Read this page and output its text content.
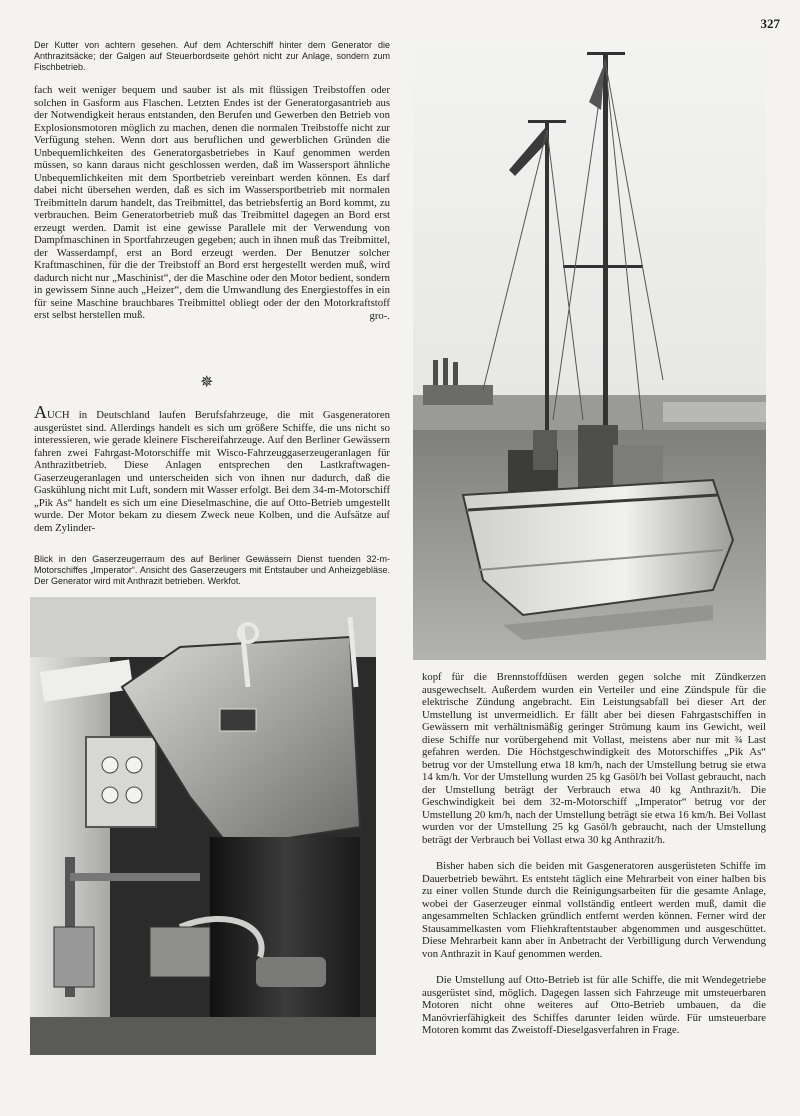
327
Der Kutter von achtern gesehen. Auf dem Achterschiff hinter dem Generator die Anthrazitsäcke; der Galgen auf Steuerbordseite gehört nicht zur Anlage, sondern zum Fischbetrieb.

fach weit weniger bequem und sauber ist als mit flüssigen Treibstoffen oder solchen in Gasform aus Flaschen. Letzten Endes ist der Generatorgasantrieb aus der Notwendigkeit heraus entstanden, den Berufen und Gewerben den Betrieb von Explosionsmotoren möglich zu machen, denen die normalen Treibstoffe nicht zur Verfügung stehen. Wenn dort aus beruflichen und gewerblichen Gründen die Unbequemlichkeiten des Generatorgasbetriebes in Kauf genommen werden müssen, so kann daraus nicht geschlossen werden, daß im Wassersport ähnliche Unbequemlichkeiten mit dem Sportbetrieb vereinbart werden können. Es darf dabei nicht übersehen werden, daß es sich im Wassersportbetrieb mit normalen Treibmitteln darum handelt, das Treibmittel, das betriebsfertig an Bord kommt, zu verbrauchen. Beim Generatorbetrieb muß das Treibmittel dagegen an Bord erst erzeugt werden. Damit ist eine gewisse Parallele mit der Verwendung von Dampfmaschinen in Sportfahrzeugen gegeben; auch in ihnen muß das Treibmittel, der Wasserdampf, erst an Bord erzeugt werden. Der Benutzer solcher Kraftmaschinen, für die der Treibstoff an Bord erst hergestellt werden muß, wird dadurch nicht nur „Maschinist“, der die Maschine oder den Motor bedient, sondern in gewissem Sinne auch „Heizer“, dem die Umwandlung des Energiestoffes in ein für seine Maschine brauchbares Treibmittel obliegt oder der den Motorkraftstoff erst selbst herstellen muß.	gro-.

✵

AUCH in Deutschland laufen Berufsfahrzeuge, die mit Gasgeneratoren ausgerüstet sind. Allerdings handelt es sich um größere Schiffe, die uns nicht so interessieren, wie gerade kleinere Fischereifahrzeuge. Auf den Berliner Gewässern fahren zwei Fahrgast-Motorschiffe mit Wisco-Fahrzeuggaserzeugeranlagen für Anthrazitbetrieb. Diese Anlagen entsprechen den Lastkraftwagen-Gaserzeugeranlagen und unterscheiden sich von ihnen nur dadurch, daß die Gaskühlung nicht mit Luft, sondern mit Wasser erfolgt. Bei dem 34-m-Motorschiff „Pik As“ handelt es sich um eine Dieselmaschine, die auf Otto-Betrieb umgestellt wurde. Der Motor bekam zu diesem Zweck neue Kolben, und die Aufsätze auf dem Zylinder-

Blick in den Gaserzeugerraum des auf Berliner Gewässern Dienst tuenden 32-m-Motorschiffes „Imperator“. Ansicht des Gaserzeugers mit Entstauber und Anheizgebläse. Der Generator wird mit Anthrazit betrieben. Werkfot.

kopf für die Brennstoffdüsen werden gegen solche mit Zündkerzen ausgewechselt. Außerdem wurden ein Verteiler und eine Zündspule für die elektrische Zündung angebracht. Ein Leistungsabfall bei dieser Art der Umstellung ist unvermeidlich. Er fällt aber bei diesen Fahrgastschiffen in Gewässern mit verhältnismäßig geringer Strömung kaum ins Gewicht, weil diese Schiffe nur vorübergehend mit Vollast, meistens aber nur mit ¾ Last gefahren werden. Die Höchstgeschwindigkeit des Motorschiffes „Pik As“ betrug vor der Umstellung etwa 18 km/h, nach der Umstellung betrug sie etwa 14 km/h. Vor der Umstellung wurden 25 kg Gasöl/h bei Vollast gebraucht, nach der Umstellung beträgt der Verbrauch etwa 40 kg Anthrazit/h. Die Geschwindigkeit bei dem 32-m-Motorschiff „Imperator“ betrug vor der Umstellung 20 km/h, nach der Umstellung beträgt sie etwa 16 km/h. Bei Vollast wurden vor der Umstellung 25 kg Gasöl/h gebraucht, nach der Umstellung beträgt der Verbrauch bei Vollast etwa 30 kg Anthrazit/h.

Bisher haben sich die beiden mit Gasgeneratoren ausgerüsteten Schiffe im Dauerbetrieb bewährt. Es entsteht täglich eine Mehrarbeit von einer halben bis zu einer vollen Stunde durch die Reinigungsarbeiten für die gesamte Anlage, wobei der Gaserzeuger einmal vollständig entleert werden muß, damit die angesammelten Schlacken gründlich entfernt werden können. Ferner wird der Stausammelkasten vom Fliehkraftentstauber abgenommen und ausgeschüttet. Diese Mehrarbeit kann aber in Anbetracht der Verbilligung durch Verwendung von Anthrazit in Kauf genommen werden.

Die Umstellung auf Otto-Betrieb ist für alle Schiffe, die mit Wendegetriebe ausgerüstet sind, möglich. Dagegen lassen sich Fahrzeuge mit umsteuerbaren Motoren nicht ohne weiteres auf Otto-Betrieb umbauen, da die Manövrierfähigkeit des Schiffes darunter leiden würde. Für umsteuerbare Motoren kommt das Zweistoff-Dieselgasverfahren in Frage.
